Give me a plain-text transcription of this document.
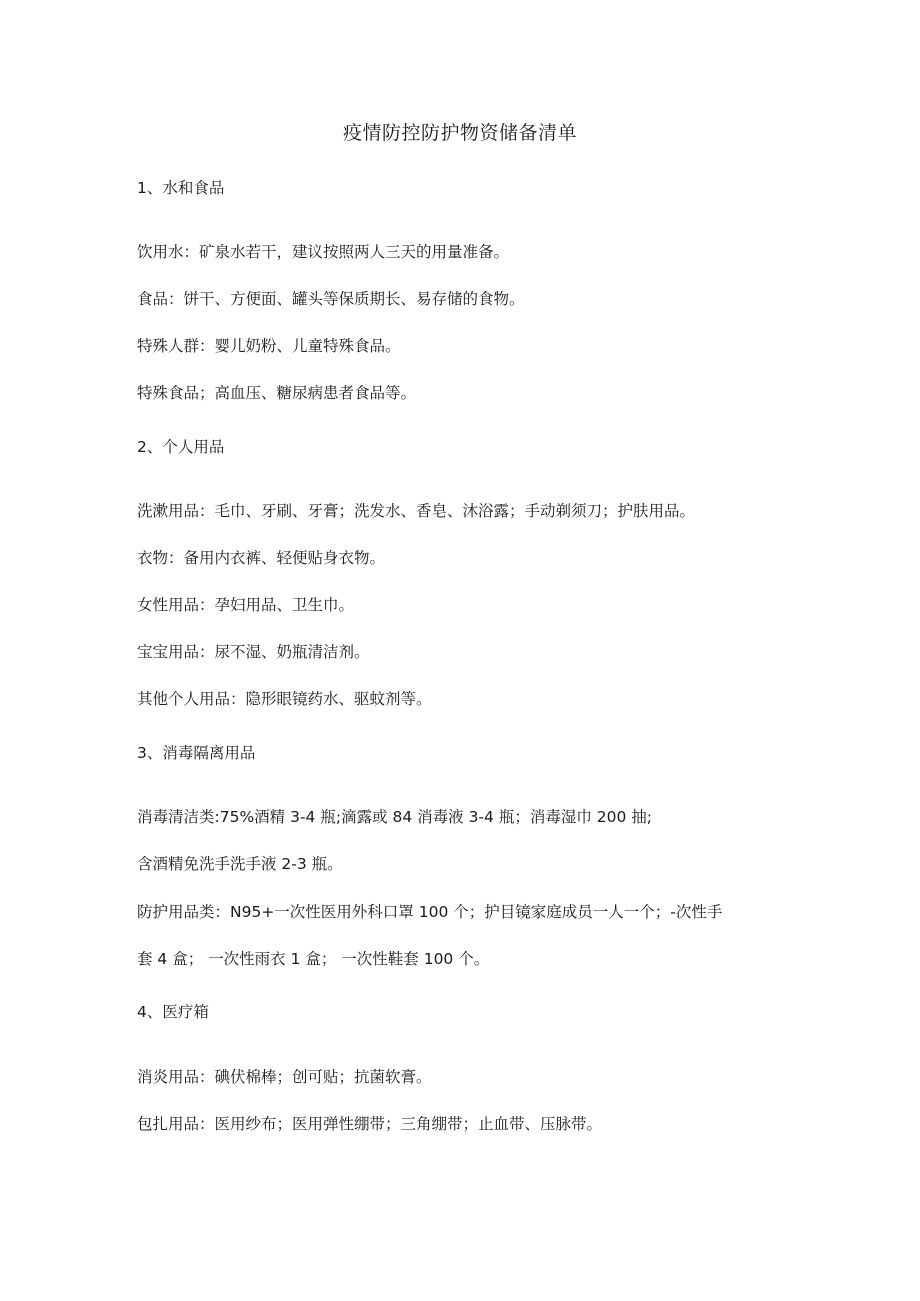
疫情防控防护物资储备清单
1、水和食品
饮用水：矿泉水若干，建议按照两人三天的用量准备。
食品：饼干、方便面、罐头等保质期长、易存储的食物。
特殊人群：婴儿奶粉、儿童特殊食品。
特殊食品；高血压、糖尿病患者食品等。
2、个人用品
洗漱用品：毛巾、牙刷、牙膏；洗发水、香皂、沐浴露；手动剃须刀；护肤用品。
衣物：备用内衣裤、轻便贴身衣物。
女性用品：孕妇用品、卫生巾。
宝宝用品：尿不湿、奶瓶清洁剂。
其他个人用品：隐形眼镜药水、驱蚊剂等。
3、消毒隔离用品
消毒清洁类:75%酒精 3-4 瓶;滴露或 84 消毒液 3-4 瓶；消毒湿巾 200 抽;
含酒精免洗手洗手液 2-3 瓶。
防护用品类：N95+一次性医用外科口罩 100 个；护目镜家庭成员一人一个；-次性手
套 4 盒； 一次性雨衣 1 盒； 一次性鞋套 100 个。
4、医疗箱
消炎用品：碘伏棉棒；创可贴；抗菌软膏。
包扎用品：医用纱布；医用弹性绷带；三角绷带；止血带、压脉带。
